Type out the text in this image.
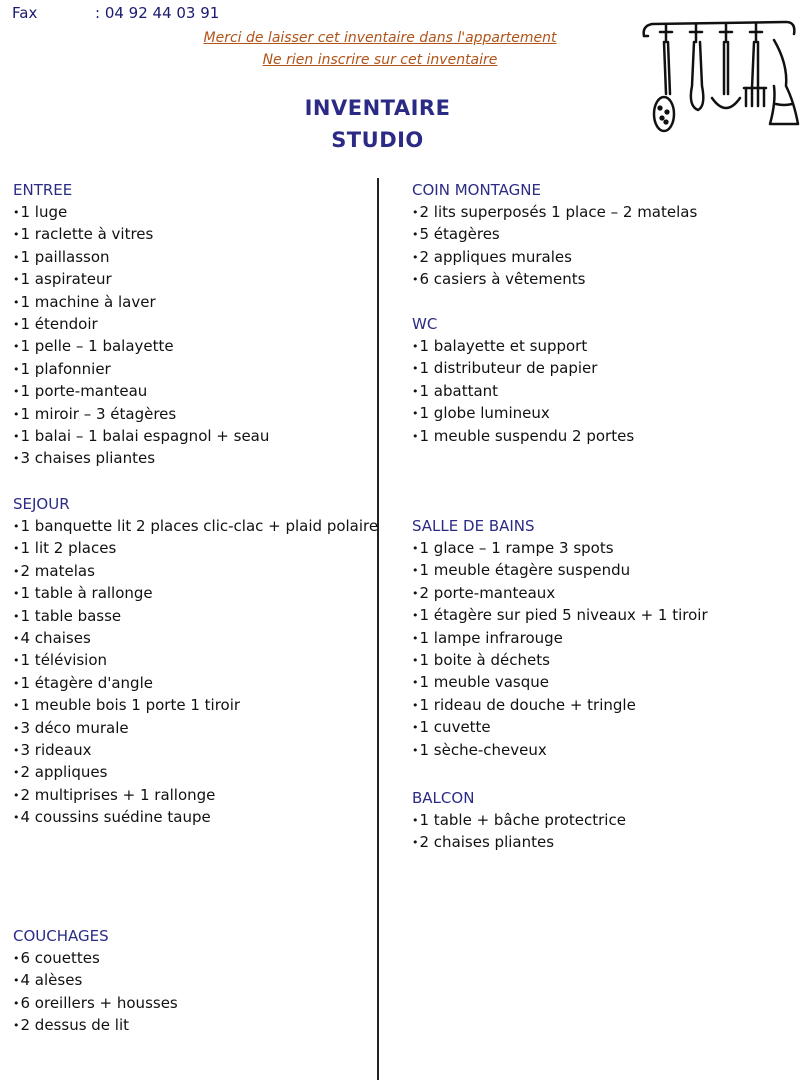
Fax	: 04 92 44 03 91
Merci de laisser cet inventaire dans l'appartement
Ne rien inscrire sur cet inventaire
INVENTAIRE
STUDIO
ENTREE
• 1 luge
• 1 raclette à vitres
• 1 paillasson
• 1 aspirateur
• 1 machine à laver
• 1 étendoir
• 1 pelle – 1 balayette
• 1 plafonnier
• 1 porte-manteau
• 1 miroir – 3 étagères
• 1 balai – 1 balai espagnol + seau
• 3 chaises pliantes
SEJOUR
• 1 banquette lit 2 places clic-clac + plaid polaire
• 1 lit 2 places
• 2 matelas
• 1 table à rallonge
• 1 table basse
• 4 chaises
• 1 télévision
• 1 étagère d'angle
• 1 meuble bois 1 porte 1 tiroir
• 3 déco murale
• 3 rideaux
• 2 appliques
• 2 multiprises + 1 rallonge
• 4 coussins suédine taupe
COUCHAGES
• 6 couettes
• 4 alèses
• 6 oreillers + housses
• 2 dessus de lit
COIN MONTAGNE
• 2 lits superposés 1 place – 2 matelas
• 5 étagères
• 2 appliques murales
• 6 casiers à vêtements
WC
• 1 balayette et support
• 1 distributeur de papier
• 1 abattant
• 1 globe lumineux
• 1 meuble suspendu 2 portes
SALLE DE BAINS
• 1 glace – 1 rampe 3 spots
• 1 meuble étagère suspendu
• 2 porte-manteaux
• 1 étagère sur pied 5 niveaux + 1 tiroir
• 1 lampe infrarouge
• 1 boite à déchets
• 1 meuble vasque
• 1 rideau de douche + tringle
• 1 cuvette
• 1 sèche-cheveux
BALCON
• 1 table + bâche protectrice
• 2 chaises pliantes
